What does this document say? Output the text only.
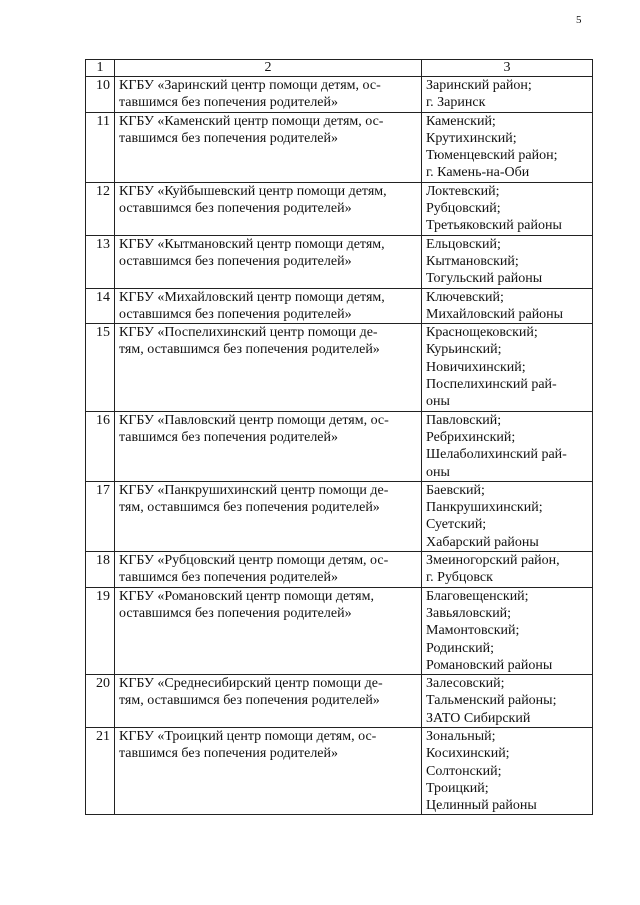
5
1	2	3
10	КГБУ «Заринский центр помощи детям, ос-
тавшимся без попечения родителей»	Заринский район;
г. Заринск

11	КГБУ «Каменский центр помощи детям, ос-
тавшимся без попечения родителей»	Каменский;
Крутихинский;
Тюменцевский район;
г. Камень-на-Оби

12	КГБУ «Куйбышевский центр помощи детям,
оставшимся без попечения родителей»	Локтевский;
Рубцовский;
Третьяковский районы

13	КГБУ «Кытмановский центр помощи детям,
оставшимся без попечения родителей»	Ельцовский;
Кытмановский;
Тогульский районы

14	КГБУ «Михайловский центр помощи детям,
оставшимся без попечения родителей»	Ключевский;
Михайловский районы

15	КГБУ «Поспелихинский центр помощи де-
тям, оставшимся без попечения родителей»	Краснощековский;
Курьинский;
Новичихинский;
Поспелихинский рай-
оны

16	КГБУ «Павловский центр помощи детям, ос-
тавшимся без попечения родителей»	Павловский;
Ребрихинский;
Шелаболихинский рай-
оны

17	КГБУ «Панкрушихинский центр помощи де-
тям, оставшимся без попечения родителей»	Баевский;
Панкрушихинский;
Суетский;
Хабарский районы

18	КГБУ «Рубцовский центр помощи детям, ос-
тавшимся без попечения родителей»	Змеиногорский район,
г. Рубцовск

19	КГБУ «Романовский центр помощи детям,
оставшимся без попечения родителей»	Благовещенский;
Завьяловский;
Мамонтовский;
Родинский;
Романовский районы

20	КГБУ «Среднесибирский центр помощи де-
тям, оставшимся без попечения родителей»	Залесовский;
Тальменский районы;
ЗАТО Сибирский

21	КГБУ «Троицкий центр помощи детям, ос-
тавшимся без попечения родителей»	Зональный;
Косихинский;
Солтонский;
Троицкий;
Целинный районы
